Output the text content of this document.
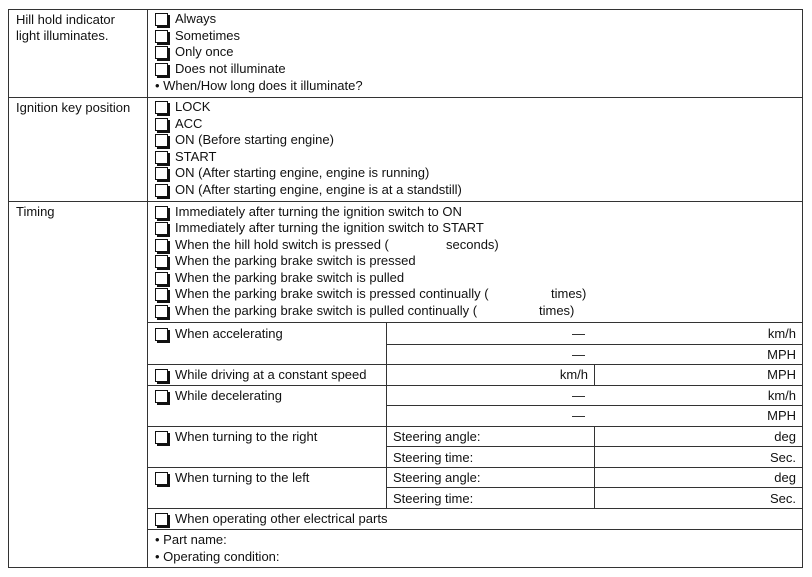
Hill hold indicator
light illuminates.
Always
Sometimes
Only once
Does not illuminate
• When/How long does it illuminate?
Ignition key position	LOCK
ACC
ON (Before starting engine)
START
ON (After starting engine, engine is running)
ON (After starting engine, engine is at a standstill)
Timing	Immediately after turning the ignition switch to ON
Immediately after turning the ignition switch to START
When the hill hold switch is pressed (	seconds)
When the parking brake switch is pressed
When the parking brake switch is pulled
When the parking brake switch is pressed continually (	times)
When the parking brake switch is pulled continually (	times)
When accelerating	—	km/h
—	MPH
While driving at a constant speed	km/h	MPH
While decelerating	—	km/h
—	MPH
When turning to the right	Steering angle:	deg
Steering time:	Sec.
When turning to the left	Steering angle:	deg
Steering time:	Sec.
When operating other electrical parts
• Part name:
• Operating condition:
